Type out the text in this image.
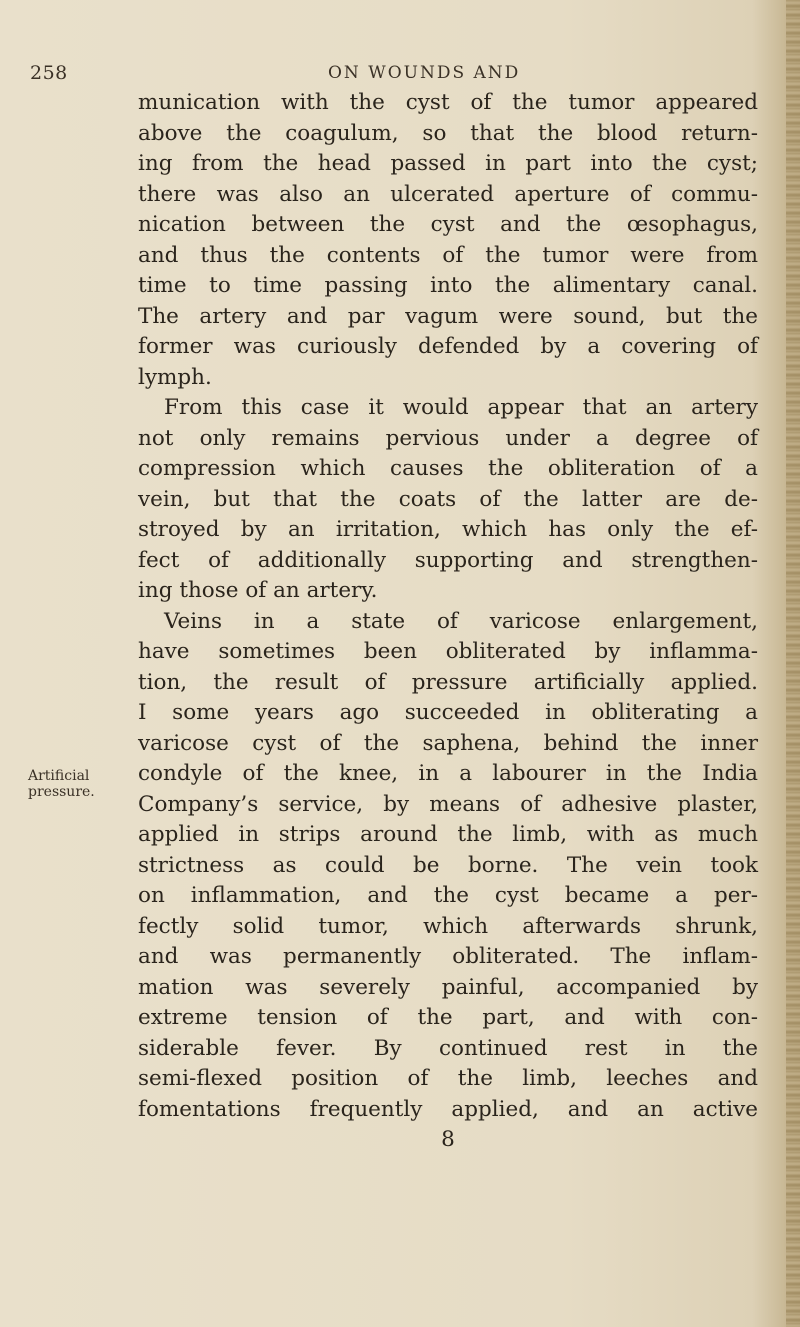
258	ON WOUNDS AND
Artificial
pressure.
munication with the cyst of the tumor appeared
above the coagulum, so that the blood return-
ing from the head passed in part into the cyst;
there was also an ulcerated aperture of commu-
nication between the cyst and the œsophagus,
and thus the contents of the tumor were from
time to time passing into the alimentary canal.
The artery and par vagum were sound, but the
former was curiously defended by a covering of
lymph.
From this case it would appear that an artery
not only remains pervious under a degree of
compression which causes the obliteration of a
vein, but that the coats of the latter are de-
stroyed by an irritation, which has only the ef-
fect of additionally supporting and strengthen-
ing those of an artery.
Veins in a state of varicose enlargement,
have sometimes been obliterated by inflamma-
tion, the result of pressure artificially applied.
I some years ago succeeded in obliterating a
varicose cyst of the saphena, behind the inner
condyle of the knee, in a labourer in the India
Company’s service, by means of adhesive plaster,
applied in strips around the limb, with as much
strictness as could be borne. The vein took
on inflammation, and the cyst became a per-
fectly solid tumor, which afterwards shrunk,
and was permanently obliterated. The inflam-
mation was severely painful, accompanied by
extreme tension of the part, and with con-
siderable fever. By continued rest in the
semi-flexed position of the limb, leeches and
fomentations frequently applied, and an active
8
